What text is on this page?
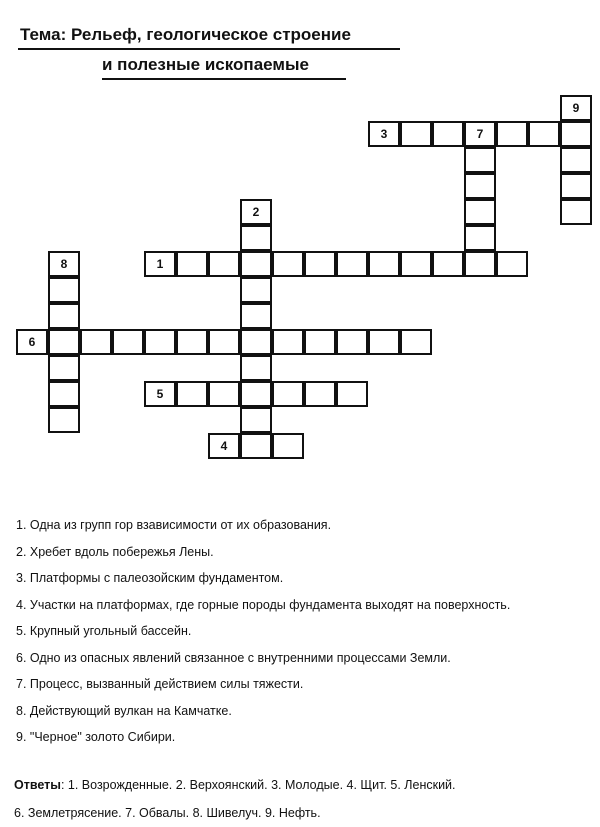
Тема: Рельеф, геологическое строение
и полезные ископаемые
1
2
3	7
4
5
6
8
9
1. Одна из групп гор взависимости от их образования.
2. Хребет вдоль побережья Лены.
3. Платформы с палеозойским фундаментом.
4. Участки на платформах, где горные породы фундамента выходят на поверхность.
5. Крупный угольный бассейн.
6. Одно из опасных явлений связанное с внутренними процессами Земли.
7. Процесс, вызванный действием силы тяжести.
8. Действующий вулкан на Камчатке.
9. "Черное" золото Сибири.
Ответы: 1. Возрожденные. 2. Верхоянский. 3. Молодые. 4. Щит. 5. Ленский.
6. Землетрясение. 7. Обвалы. 8. Шивелуч. 9. Нефть.
